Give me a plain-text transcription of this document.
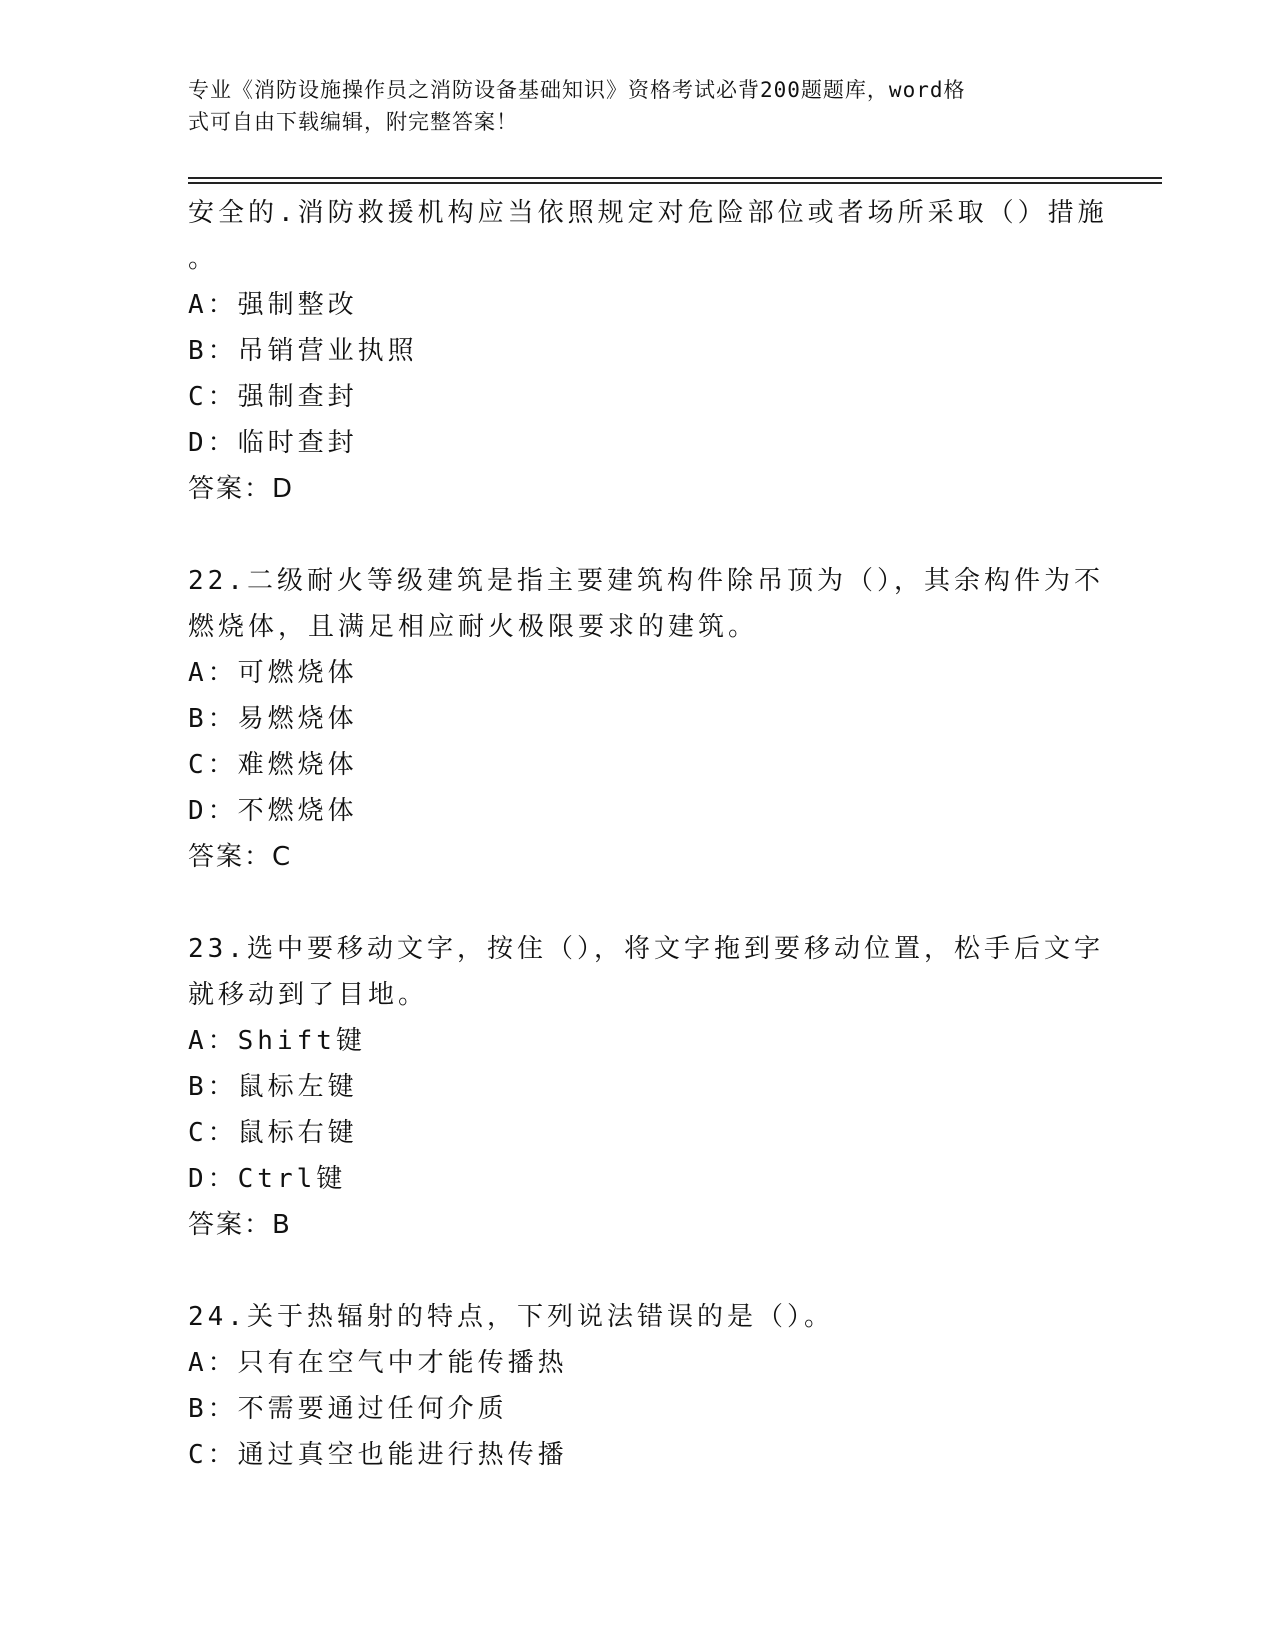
专业《消防设施操作员之消防设备基础知识》资格考试必背200题题库，word格
式可自由下载编辑，附完整答案！
安全的.消防救援机构应当依照规定对危险部位或者场所采取（）措施
。
A：强制整改
B：吊销营业执照
C：强制查封
D：临时查封
答案：D
22.二级耐火等级建筑是指主要建筑构件除吊顶为（），其余构件为不
燃烧体，且满足相应耐火极限要求的建筑。
A：可燃烧体
B：易燃烧体
C：难燃烧体
D：不燃烧体
答案：C
23.选中要移动文字，按住（），将文字拖到要移动位置，松手后文字
就移动到了目地。
A：Shift键
B：鼠标左键
C：鼠标右键
D：Ctrl键
答案：B
24.关于热辐射的特点，下列说法错误的是（）。
A：只有在空气中才能传播热
B：不需要通过任何介质
C：通过真空也能进行热传播
